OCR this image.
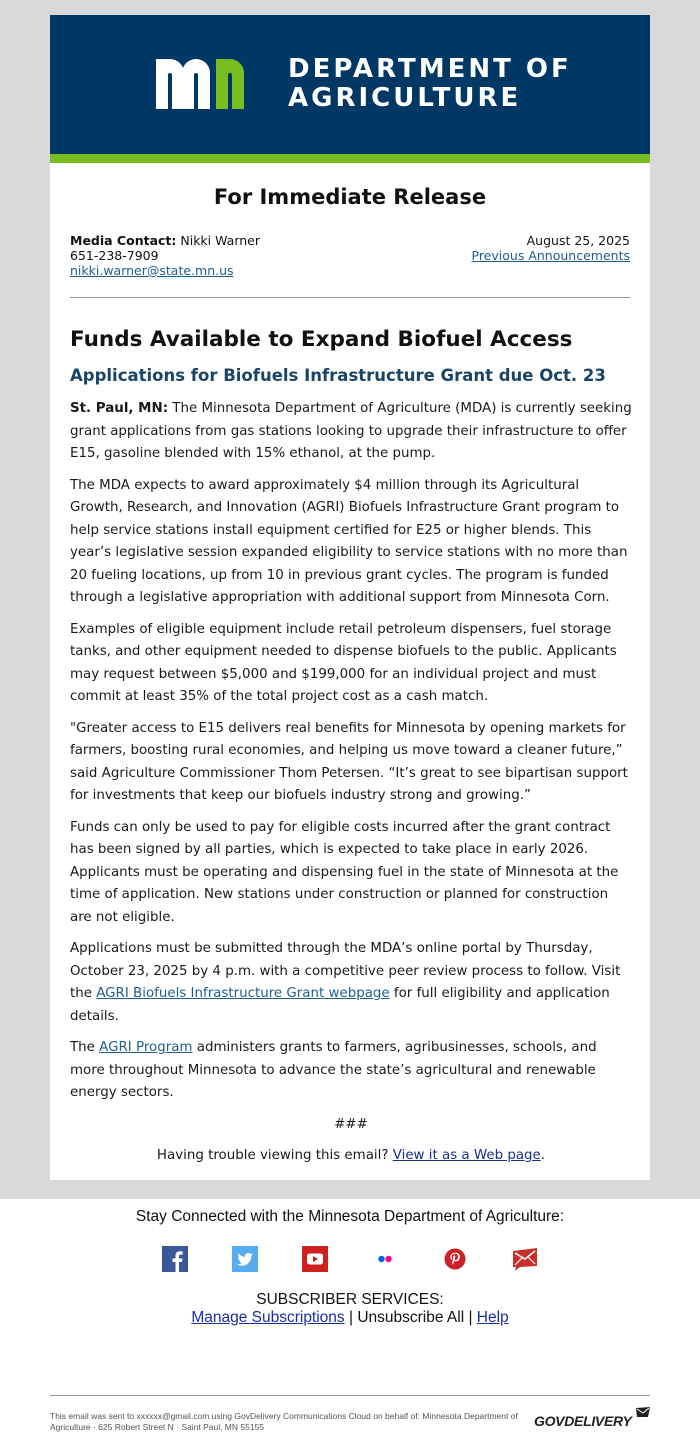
DEPARTMENT OF
AGRICULTURE
For Immediate Release
Media Contact: Nikki Warner
651-238-7909
nikki.warner@state.mn.us
August 25, 2025
Previous Announcements
Funds Available to Expand Biofuel Access
Applications for Biofuels Infrastructure Grant due Oct. 23

St. Paul, MN: The Minnesota Department of Agriculture (MDA) is currently seeking grant applications from gas stations looking to upgrade their infrastructure to offer E15, gasoline blended with 15% ethanol, at the pump.

The MDA expects to award approximately $4 million through its Agricultural Growth, Research, and Innovation (AGRI) Biofuels Infrastructure Grant program to help service stations install equipment certified for E25 or higher blends. This year’s legislative session expanded eligibility to service stations with no more than 20 fueling locations, up from 10 in previous grant cycles. The program is funded through a legislative appropriation with additional support from Minnesota Corn.

Examples of eligible equipment include retail petroleum dispensers, fuel storage tanks, and other equipment needed to dispense biofuels to the public. Applicants may request between $5,000 and $199,000 for an individual project and must commit at least 35% of the total project cost as a cash match.

"Greater access to E15 delivers real benefits for Minnesota by opening markets for farmers, boosting rural economies, and helping us move toward a cleaner future,” said Agriculture Commissioner Thom Petersen. “It’s great to see bipartisan support for investments that keep our biofuels industry strong and growing.”

Funds can only be used to pay for eligible costs incurred after the grant contract has been signed by all parties, which is expected to take place in early 2026. Applicants must be operating and dispensing fuel in the state of Minnesota at the time of application. New stations under construction or planned for construction are not eligible.

Applications must be submitted through the MDA’s online portal by Thursday, October 23, 2025 by 4 p.m. with a competitive peer review process to follow. Visit the AGRI Biofuels Infrastructure Grant webpage for full eligibility and application details.

The AGRI Program administers grants to farmers, agribusinesses, schools, and more throughout Minnesota to advance the state’s agricultural and renewable energy sectors.

###
Having trouble viewing this email? View it as a Web page.
Stay Connected with the Minnesota Department of Agriculture:
SUBSCRIBER SERVICES:
Manage Subscriptions | Unsubscribe All | Help
This email was sent to xxxxxx@gmail.com using GovDelivery Communications Cloud on behalf of: Minnesota Department of Agriculture · 625 Robert Street N · Saint Paul, MN 55155	GOVDELIVERY
